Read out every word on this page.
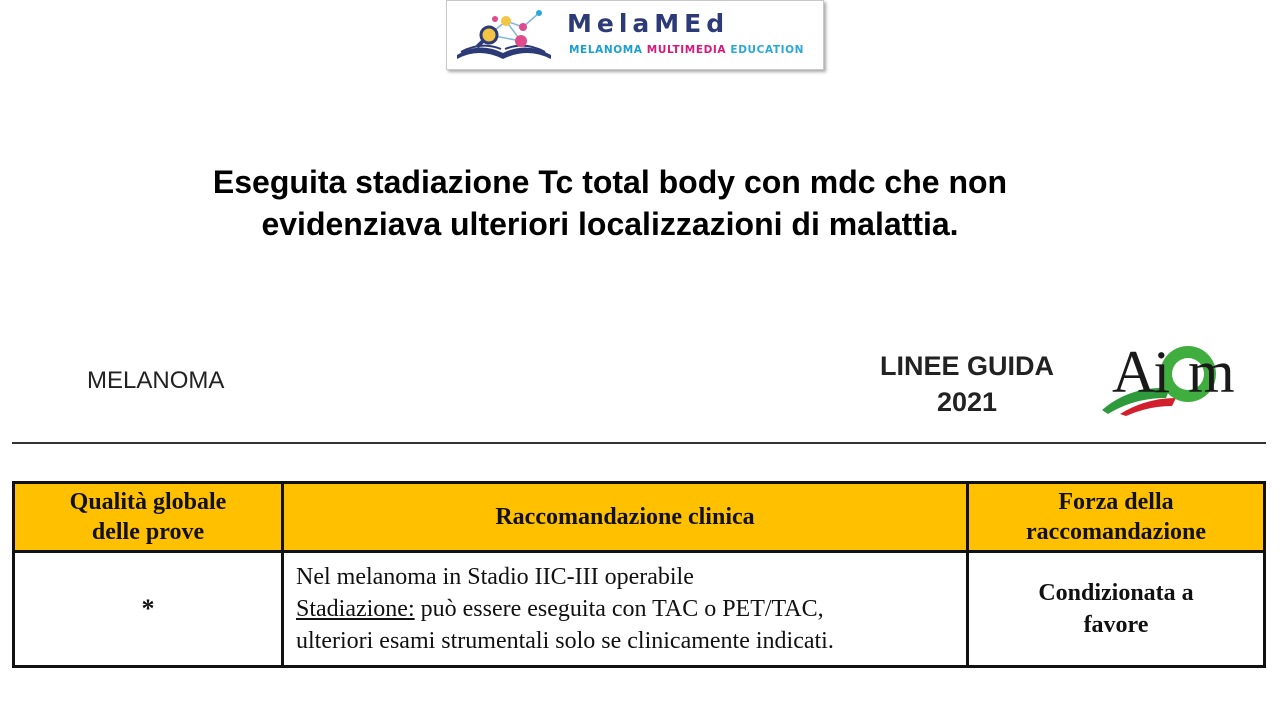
MelaMEd
MELANOMA MULTIMEDIA EDUCATION
Eseguita stadiazione Tc total body con mdc che non
evidenziava ulteriori localizzazioni di malattia.
MELANOMA	LINEE GUIDA
2021	Aim
Qualità globale
delle prove	Raccomandazione clinica	Forza della
raccomandazione

*	Nel melanoma in Stadio IIC-III operabile
Stadiazione: può essere eseguita con TAC o PET/TAC,
ulteriori esami strumentali solo se clinicamente indicati.	Condizionata a
favore
